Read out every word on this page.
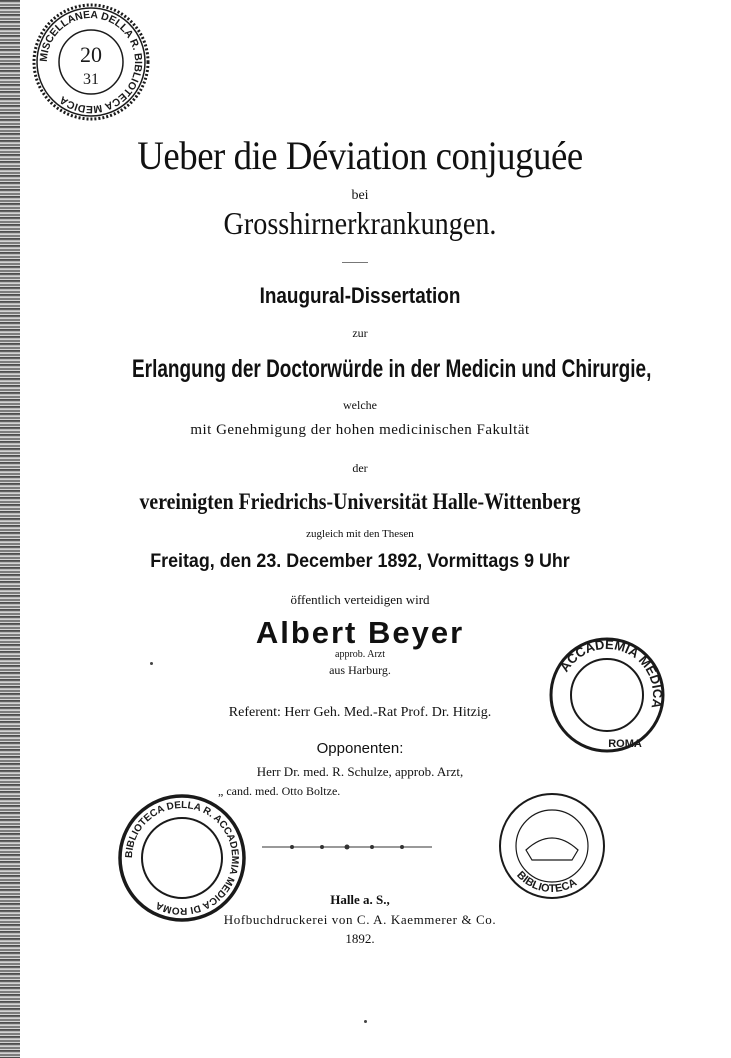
MISCELLANEA DELLA R. BIBLIOTECA MEDICA
20
31
Ueber die Déviation conjuguée

bei

Grosshirnerkrankungen.

Inaugural-Dissertation

zur

Erlangung der Doctorwürde in der Medicin und Chirurgie,

welche

mit Genehmigung der hohen medicinischen Fakultät

der

vereinigten Friedrichs-Universität Halle-Wittenberg

zugleich mit den Thesen

Freitag, den 23. December 1892, Vormittags 9 Uhr

öffentlich verteidigen wird

Albert Beyer

approb. Arzt

aus Harburg.

Referent: Herr Geh. Med.-Rat Prof. Dr. Hitzig.

Opponenten:

Herr Dr. med. R. Schulze, approb. Arzt,

„ cand. med. Otto Boltze.

Halle a. S.,

Hofbuchdruckerei von C. A. Kaemmerer & Co.

1892.

ACCADEMIA MEDICA
ROMA
BIBLIOTECA DELLA R. ACCADEMIA MEDICA DI ROMA
BIBLIOTECA
